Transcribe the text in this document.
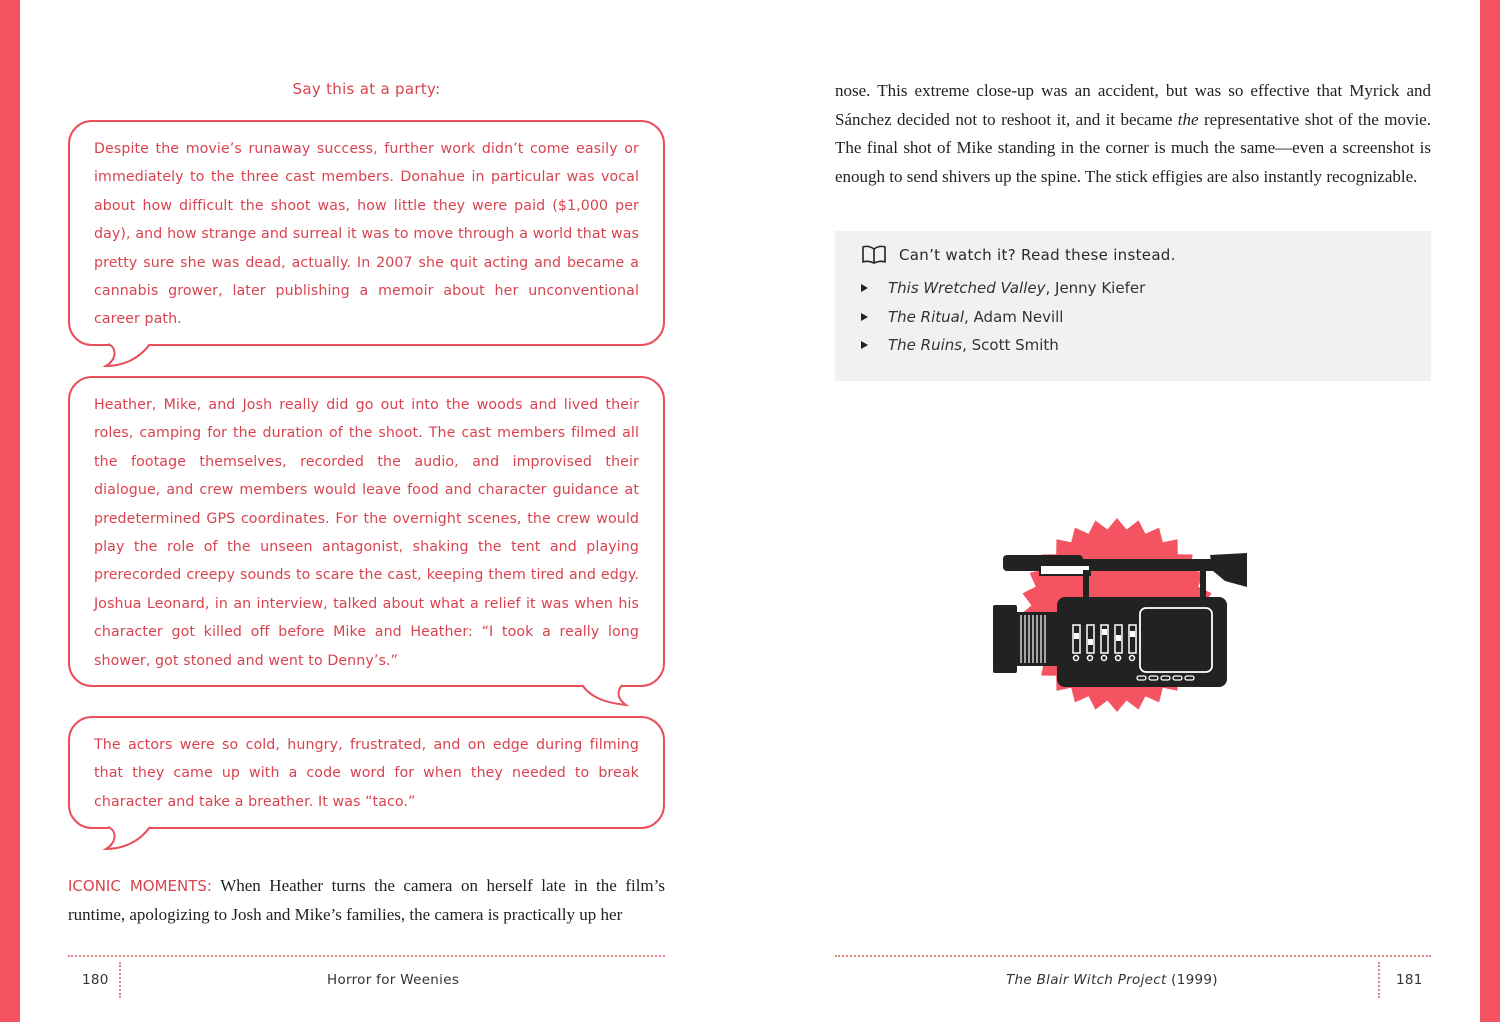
Say this at a party:

Despite the movie’s runaway success, further work didn’t come easily or immediately to the three cast members. Donahue in particular was vocal about how difficult the shoot was, how little they were paid ($1,000 per day), and how strange and surreal it was to move through a world that was pretty sure she was dead, actually. In 2007 she quit acting and became a cannabis grower, later publishing a memoir about her unconventional career path.

Heather, Mike, and Josh really did go out into the woods and lived their roles, camping for the duration of the shoot. The cast members filmed all the footage themselves, recorded the audio, and improvised their dialogue, and crew members would leave food and character guidance at predetermined GPS coordinates. For the overnight scenes, the crew would play the role of the unseen antagonist, shaking the tent and playing prerecorded creepy sounds to scare the cast, keeping them tired and edgy. Joshua Leonard, in an interview, talked about what a relief it was when his character got killed off before Mike and Heather: “I took a really long shower, got stoned and went to Denny’s.”

The actors were so cold, hungry, frustrated, and on edge during filming that they came up with a code word for when they needed to break character and take a breather. It was “taco.”

ICONIC MOMENTS: When Heather turns the camera on herself late in the film’s runtime, apologizing to Josh and Mike’s families, the camera is practically up her
180	Horror for Weenies
nose. This extreme close-up was an accident, but was so effective that Myrick and Sánchez decided not to reshoot it, and it became the representative shot of the movie. The final shot of Mike standing in the corner is much the same—even a screenshot is enough to send shivers up the spine. The stick effigies are also instantly recognizable.
Can’t watch it? Read these instead.
This Wretched Valley , Jenny Kiefer
The Ritual , Adam Nevill
The Ruins , Scott Smith
The Blair Witch Project (1999)	181
